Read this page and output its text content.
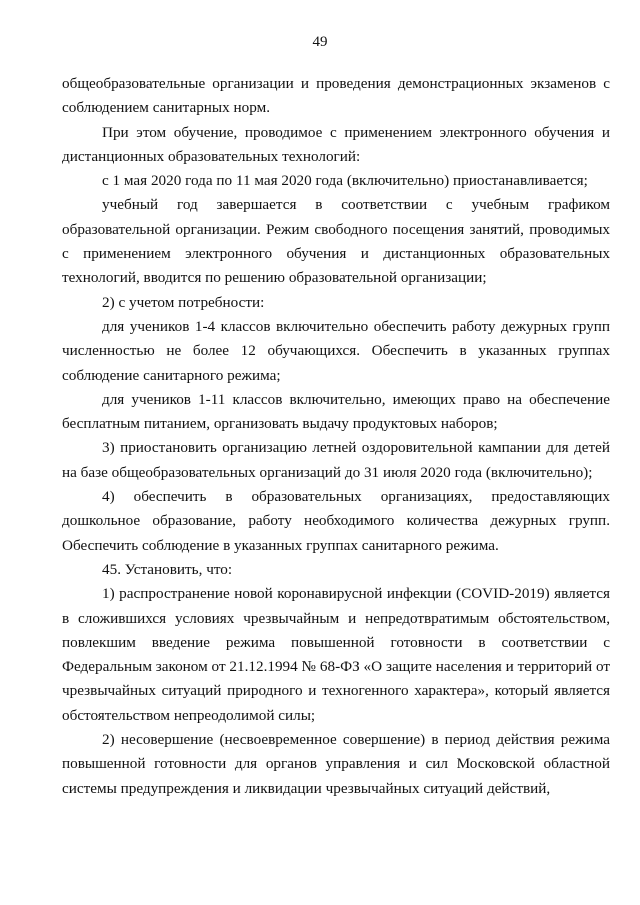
49

общеобразовательные организации и проведения демонстрационных экзаменов с соблюдением санитарных норм.

При этом обучение, проводимое с применением электронного обучения и дистанционных образовательных технологий:

с 1 мая 2020 года по 11 мая 2020 года (включительно) приостанавливается;

учебный год завершается в соответствии с учебным графиком образовательной организации. Режим свободного посещения занятий, проводимых с применением электронного обучения и дистанционных образовательных технологий, вводится по решению образовательной организации;

2) с учетом потребности:

для учеников 1-4 классов включительно обеспечить работу дежурных групп численностью не более 12 обучающихся. Обеспечить в указанных группах соблюдение санитарного режима;

для учеников 1-11 классов включительно, имеющих право на обеспечение бесплатным питанием, организовать выдачу продуктовых наборов;

3) приостановить организацию летней оздоровительной кампании для детей на базе общеобразовательных организаций до 31 июля 2020 года (включительно);

4) обеспечить в образовательных организациях, предоставляющих дошкольное образование, работу необходимого количества дежурных групп. Обеспечить соблюдение в указанных группах санитарного режима.

45. Установить, что:

1) распространение новой коронавирусной инфекции (COVID-2019) является в сложившихся условиях чрезвычайным и непредотвратимым обстоятельством, повлекшим введение режима повышенной готовности в соответствии с Федеральным законом от 21.12.1994 № 68-ФЗ «О защите населения и территорий от чрезвычайных ситуаций природного и техногенного характера», который является обстоятельством непреодолимой силы;

2) несовершение (несвоевременное совершение) в период действия режима повышенной готовности для органов управления и сил Московской областной системы предупреждения и ликвидации чрезвычайных ситуаций действий,
